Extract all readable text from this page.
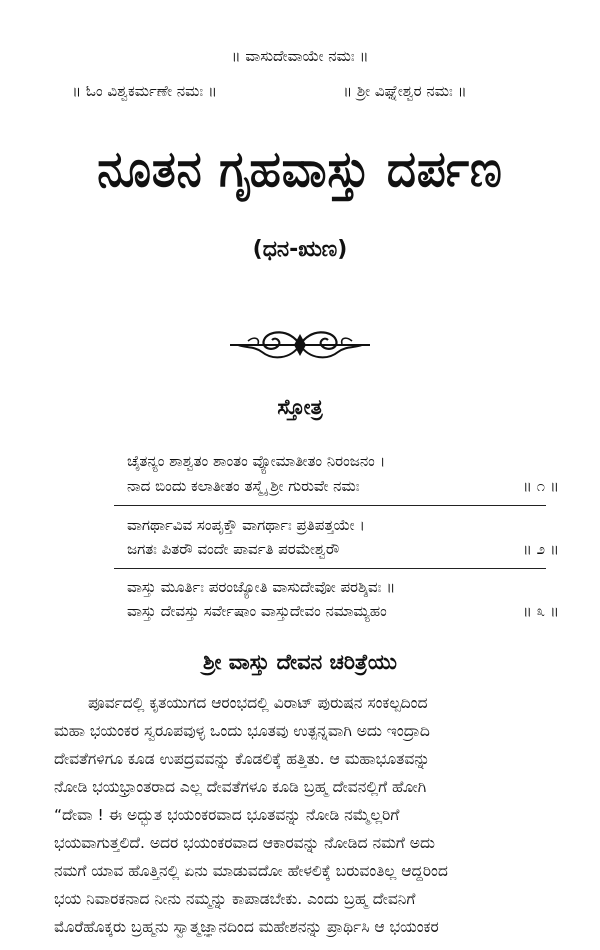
॥ ವಾಸುದೇವಾಯೇ ನಮಃ ॥
॥ ಓಂ ವಿಶ್ವಕರ್ಮಣೇ ನಮಃ ॥	॥ ಶ್ರೀ ವಿಘ್ನೇಶ್ವರ ನಮಃ ॥
ನೂತನ ಗೃಹವಾಸ್ತು ದರ್ಪಣ
(ಧನ-ಋಣ)
ಸ್ತೋತ್ರ
ಚೈತನ್ಯಂ ಶಾಶ್ವತಂ ಶಾಂತಂ ವ್ಯೋಮಾತೀತಂ ನಿರಂಜನಂ ।
ನಾದ ಬಿಂದು ಕಲಾತೀತಂ ತಸ್ಮೈ ಶ್ರೀ ಗುರುವೇ ನಮಃ	॥ ೧ ॥
ವಾಗರ್ಥಾವಿವ ಸಂಪೃಕ್ತೌ ವಾಗರ್ಥಾಃ ಪ್ರತಿಪತ್ತಯೇ ।
ಜಗತಃ ಪಿತರೌ ವಂದೇ ಪಾರ್ವತಿ ಪರಮೇಶ್ವರೌ	॥ ೨ ॥
ವಾಸ್ತು ಮೂರ್ತಿಃ ಪರಂಜ್ಯೋತಿ ವಾಸುದೇವೋ ಪರಶ್ಶಿವಃ ॥
ವಾಸ್ತು ದೇವಸ್ತು ಸರ್ವೇಷಾಂ ವಾಸ್ತುದೇವಂ ನಮಾಮ್ಯಹಂ	॥ ೩ ॥
ಶ್ರೀ ವಾಸ್ತು ದೇವನ ಚರಿತ್ರೆಯು
ಪೂರ್ವದಲ್ಲಿ ಕೃತಯುಗದ ಆರಂಭದಲ್ಲಿ ವಿರಾಟ್ ಪುರುಷನ ಸಂಕಲ್ಪದಿಂದ
ಮಹಾ ಭಯಂಕರ ಸ್ವರೂಪವುಳ್ಳ ಒಂದು ಭೂತವು ಉತ್ಪನ್ನವಾಗಿ ಅದು ಇಂದ್ರಾದಿ
ದೇವತೆಗಳಿಗೂ ಕೂಡ ಉಪದ್ರವವನ್ನು ಕೊಡಲಿಕ್ಕೆ ಹತ್ತಿತು. ಆ ಮಹಾಭೂತವನ್ನು
ನೋಡಿ ಭಯಭ್ರಾಂತರಾದ ಎಲ್ಲ ದೇವತೆಗಳೂ ಕೂಡಿ ಬ್ರಹ್ಮ ದೇವನಲ್ಲಿಗೆ ಹೋಗಿ
“ದೇವಾ ! ಈ ಅದ್ಭುತ ಭಯಂಕರವಾದ ಭೂತವನ್ನು ನೋಡಿ ನಮ್ಮೆಲ್ಲರಿಗೆ
ಭಯವಾಗುತ್ತಲಿದೆ. ಅದರ ಭಯಂಕರವಾದ ಆಕಾರವನ್ನು ನೋಡಿದ ನಮಗೆ ಅದು
ನಮಗೆ ಯಾವ ಹೊತ್ತಿನಲ್ಲಿ ಏನು ಮಾಡುವದೋ ಹೇಳಲಿಕ್ಕೆ ಬರುವಂತಿಲ್ಲ ಆದ್ದರಿಂದ
ಭಯ ನಿವಾರಕನಾದ ನೀನು ನಮ್ಮನ್ನು ಕಾಪಾಡಬೇಕು. ಎಂದು ಬ್ರಹ್ಮ ದೇವನಿಗೆ
ಮೊರೆಹೊಕ್ಕರು ಬ್ರಹ್ಮನು ಸ್ವಾತ್ಮಜ್ಞಾನದಿಂದ ಮಹೇಶನನ್ನು ಪ್ರಾರ್ಥಿಸಿ ಆ ಭಯಂಕರ
